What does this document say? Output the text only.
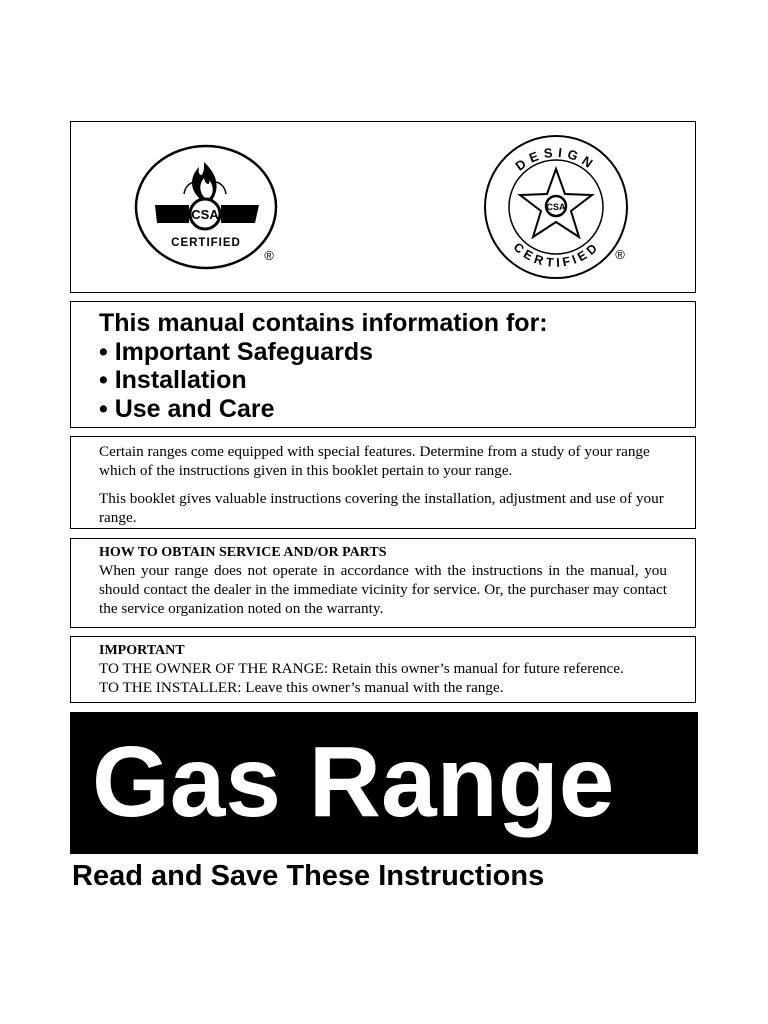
CSA
CERTIFIED
®
DESIGN
CERTIFIED
CSA
®
This manual contains information for:
• Important Safeguards
• Installation
• Use and Care

Certain ranges come equipped with special features. Determine from a study of your range which of the instructions given in this booklet pertain to your range.

This booklet gives valuable instructions covering the installation, adjustment and use of your range.

HOW TO OBTAIN SERVICE AND/OR PARTS
When your range does not operate in accordance with the instructions in the manual, you should contact the dealer in the immediate vicinity for service. Or, the purchaser may contact the service organization noted on the warranty.
IMPORTANT
TO THE OWNER OF THE RANGE: Retain this owner’s manual for future reference.
TO THE INSTALLER: Leave this owner’s manual with the range.
Gas Range
Read and Save These Instructions
